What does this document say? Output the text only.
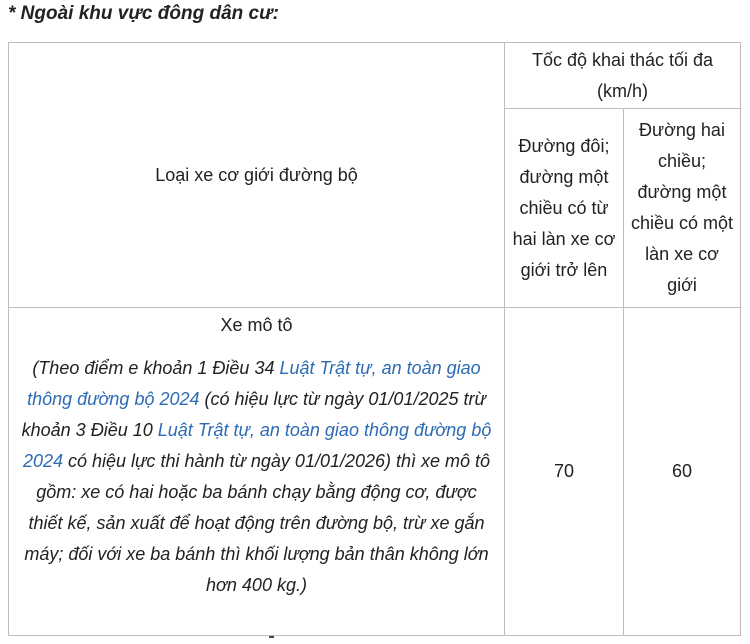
* Ngoài khu vực đông dân cư:
Loại xe cơ giới đường bộ	Tốc độ khai thác tối đa (km/h)	

	Đường đôi; đường một chiều có từ hai làn xe cơ giới trở lên	Đường hai chiều; đường một chiều có một làn xe cơ giới

Xe mô tô
(Theo điểm e khoản 1 Điều 34 Luật Trật tự, an toàn giao thông đường bộ 2024 (có hiệu lực từ ngày 01/01/2025 trừ khoản 3 Điều 10 Luật Trật tự, an toàn giao thông đường bộ 2024 có hiệu lực thi hành từ ngày 01/01/2026) thì xe mô tô gồm: xe có hai hoặc ba bánh chạy bằng động cơ, được thiết kế, sản xuất để hoạt động trên đường bộ, trừ xe gắn máy; đối với xe ba bánh thì khối lượng bản thân không lớn hơn 400 kg.)	70	60
